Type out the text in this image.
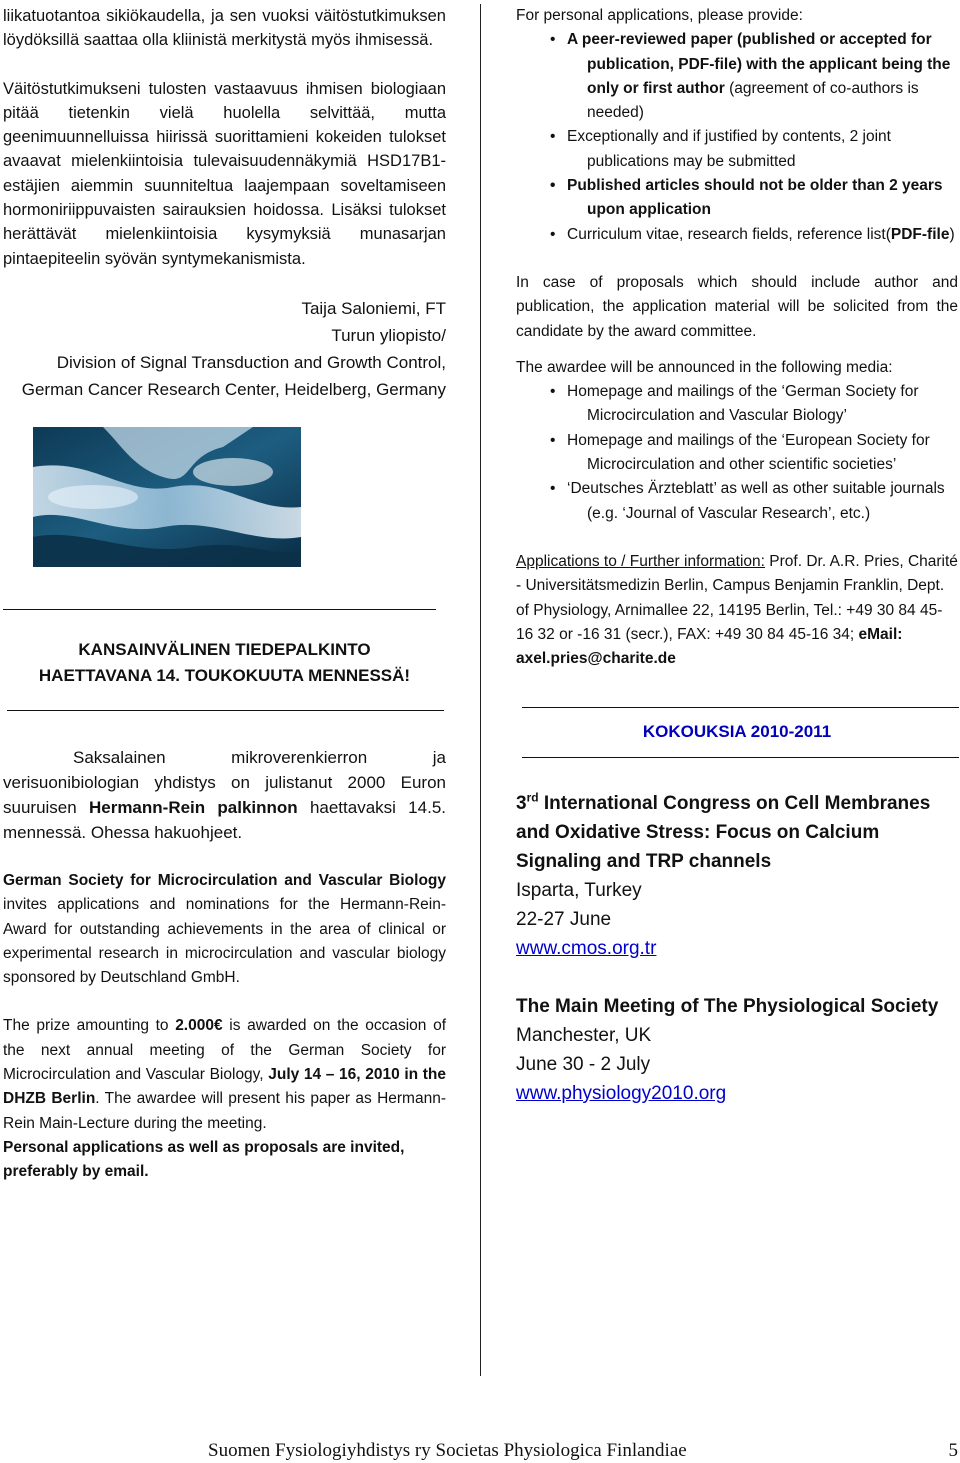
liikatuotantoa sikiökaudella, ja sen vuoksi väitöstutkimuksen löydöksillä saattaa olla kliinistä merkitystä myös ihmisessä.

Väitöstutkimukseni tulosten vastaavuus ihmisen biologiaan pitää tietenkin vielä huolella selvittää, mutta geenimuunnelluissa hiirissä suorittamieni kokeiden tulokset avaavat mielenkiintoisia tulevaisuudennäkymiä HSD17B1-estäjien aiemmin suunniteltua laajempaan soveltamiseen hormoniriippuvaisten sairauksien hoidossa. Lisäksi tulokset herättävät mielenkiintoisia kysymyksiä munasarjan pintaepiteelin syövän syntymekanismista.

Taija Saloniemi, FT
Turun yliopisto/
Division of Signal Transduction and Growth Control, German Cancer Research Center, Heidelberg, Germany
KANSAINVÄLINEN TIEDEPALKINTO
HAETTAVANA 14. TOUKOKUUTA MENNESSÄ!

Saksalainen mikroverenkierron ja verisuonibiologian yhdistys on julistanut 2000 Euron suuruisen Hermann-Rein palkinnon haettavaksi 14.5. mennessä. Ohessa hakuohjeet.

German Society for Microcirculation and Vascular Biology invites applications and nominations for the Hermann-Rein-Award for outstanding achievements in the area of clinical or experimental research in microcirculation and vascular biology sponsored by Deutschland GmbH.

The prize amounting to 2.000€ is awarded on the occasion of the next annual meeting of the German Society for Microcirculation and Vascular Biology, July 14 – 16, 2010 in the DHZB Berlin. The awardee will present his paper as Hermann-Rein Main-Lecture during the meeting.

Personal applications as well as proposals are invited, preferably by email.

For personal applications, please provide:

• A peer-reviewed paper (published or accepted for publication, PDF-file) with the applicant being the only or first author (agreement of co-authors is needed)
• Exceptionally and if justified by contents, 2 joint publications may be submitted
• Published articles should not be older than 2 years upon application
• Curriculum vitae, research fields, reference list(PDF-file)

In case of proposals which should include author and publication, the application material will be solicited from the candidate by the award committee.

The awardee will be announced in the following media:

• Homepage and mailings of the ‘German Society for Microcirculation and Vascular Biology’
• Homepage and mailings of the ‘European Society for Microcirculation and other scientific societies’
• ‘Deutsches Ärzteblatt’ as well as other suitable journals (e.g. ‘Journal of Vascular Research’, etc.)

Applications to / Further information: Prof. Dr. A.R. Pries, Charité - Universitätsmedizin Berlin, Campus Benjamin Franklin, Dept. of Physiology, Arnimallee 22, 14195 Berlin, Tel.: +49 30 84 45-16 32 or -16 31 (secr.), FAX: +49 30 84 45-16 34; eMail: axel.pries@charite.de

KOKOUKSIA 2010-2011
3rd International Congress on Cell Membranes and Oxidative Stress: Focus on Calcium Signaling and TRP channels
Isparta, Turkey
22-27 June
www.cmos.org.tr
The Main Meeting of The Physiological Society
Manchester, UK
June 30 - 2 July
www.physiology2010.org
Suomen Fysiologiyhdistys ry Societas Physiologica Finlandiae	5
